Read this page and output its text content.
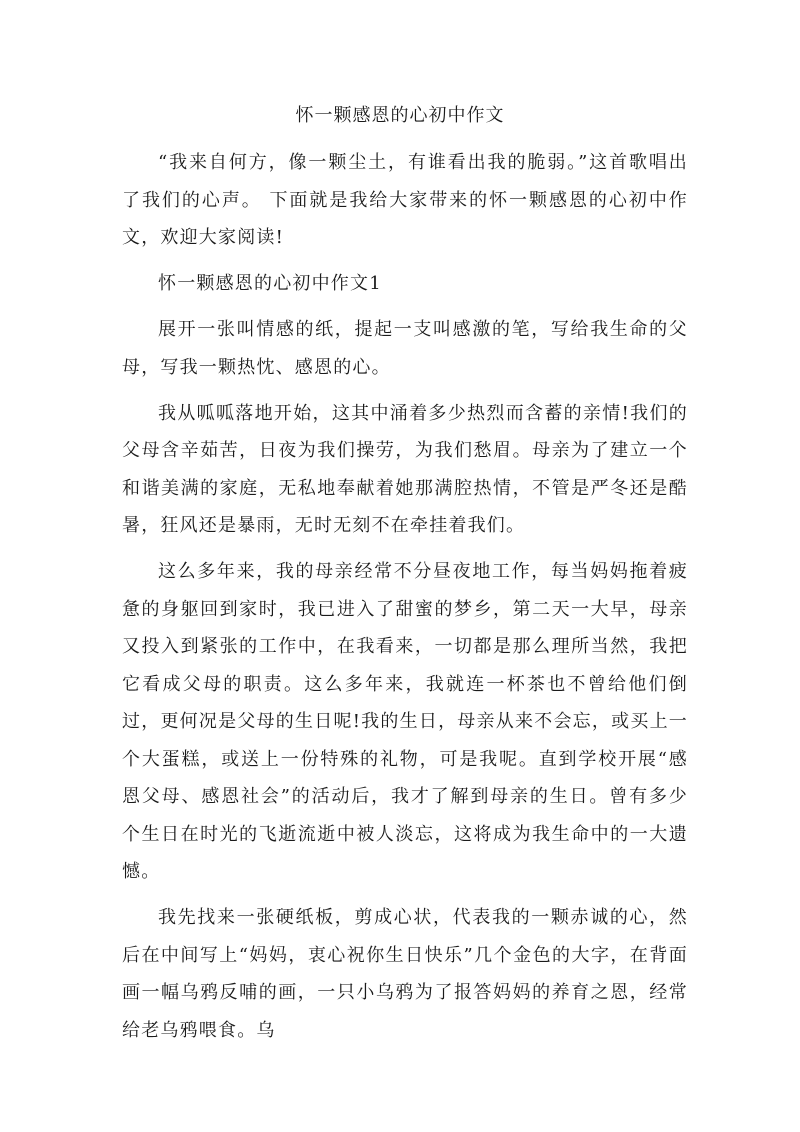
怀一颗感恩的心初中作文

“我来自何方，像一颗尘土，有谁看出我的脆弱。”这首歌唱出了我们的心声。 下面就是我给大家带来的怀一颗感恩的心初中作文，欢迎大家阅读!

怀一颗感恩的心初中作文1

展开一张叫情感的纸，提起一支叫感激的笔，写给我生命的父母，写我一颗热忱、感恩的心。

我从呱呱落地开始，这其中涌着多少热烈而含蓄的亲情!我们的父母含辛茹苦，日夜为我们操劳，为我们愁眉。母亲为了建立一个和谐美满的家庭，无私地奉献着她那满腔热情，不管是严冬还是酷暑，狂风还是暴雨，无时无刻不在牵挂着我们。

这么多年来，我的母亲经常不分昼夜地工作，每当妈妈拖着疲惫的身躯回到家时，我已进入了甜蜜的梦乡，第二天一大早，母亲又投入到紧张的工作中，在我看来，一切都是那么理所当然，我把它看成父母的职责。这么多年来，我就连一杯茶也不曾给他们倒过，更何况是父母的生日呢!我的生日，母亲从来不会忘，或买上一个大蛋糕，或送上一份特殊的礼物，可是我呢。直到学校开展“感恩父母、感恩社会”的活动后，我才了解到母亲的生日。曾有多少个生日在时光的飞逝流逝中被人淡忘，这将成为我生命中的一大遗憾。

我先找来一张硬纸板，剪成心状，代表我的一颗赤诚的心，然后在中间写上“妈妈，衷心祝你生日快乐”几个金色的大字，在背面画一幅乌鸦反哺的画，一只小乌鸦为了报答妈妈的养育之恩，经常给老乌鸦喂食。乌
